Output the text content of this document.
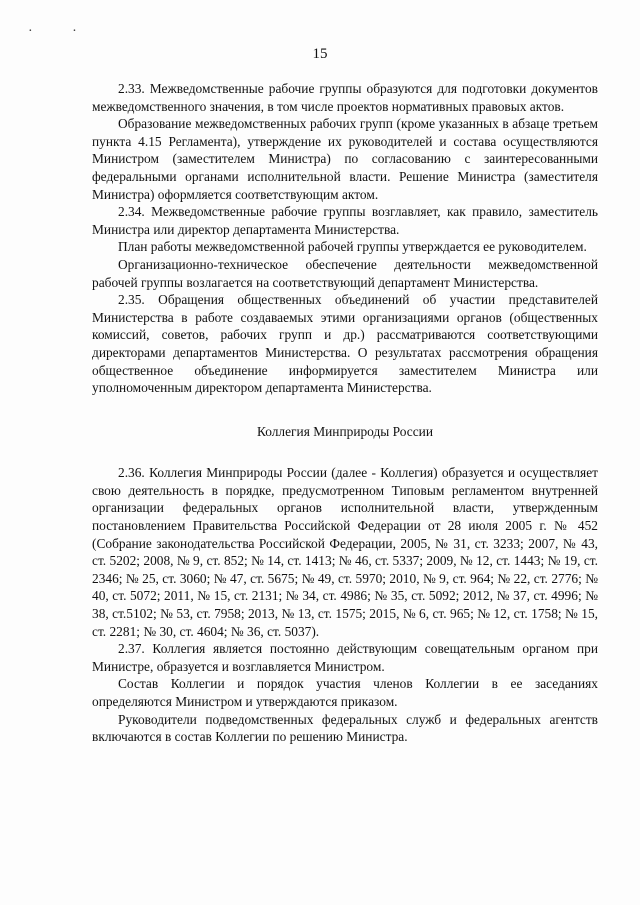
· ·
15

2.33. Межведомственные рабочие группы образуются для подготовки документов межведомственного значения, в том числе проектов нормативных правовых актов.

Образование межведомственных рабочих групп (кроме указанных в абзаце третьем пункта 4.15 Регламента), утверждение их руководителей и состава осуществляются Министром (заместителем Министра) по согласованию с заинтересованными федеральными органами исполнительной власти. Решение Министра (заместителя Министра) оформляется соответствующим актом.

2.34. Межведомственные рабочие группы возглавляет, как правило, заместитель Министра или директор департамента Министерства.

План работы межведомственной рабочей группы утверждается ее руководителем.

Организационно-техническое обеспечение деятельности межведомственной рабочей группы возлагается на соответствующий департамент Министерства.

2.35. Обращения общественных объединений об участии представителей Министерства в работе создаваемых этими организациями органов (общественных комиссий, советов, рабочих групп и др.) рассматриваются соответствующими директорами департаментов Министерства. О результатах рассмотрения обращения общественное объединение информируется заместителем Министра или уполномоченным директором департамента Министерства.

Коллегия Минприроды России

2.36. Коллегия Минприроды России (далее - Коллегия) образуется и осуществляет свою деятельность в порядке, предусмотренном Типовым регламентом внутренней организации федеральных органов исполнительной власти, утвержденным постановлением Правительства Российской Федерации от 28 июля 2005 г. № 452 (Собрание законодательства Российской Федерации, 2005, № 31, ст. 3233; 2007, № 43, ст. 5202; 2008, № 9, ст. 852; № 14, ст. 1413; № 46, ст. 5337; 2009, № 12, ст. 1443; № 19, ст. 2346; № 25, ст. 3060; № 47, ст. 5675; № 49, ст. 5970; 2010, № 9, ст. 964; № 22, ст. 2776; № 40, ст. 5072; 2011, № 15, ст. 2131; № 34, ст. 4986; № 35, ст. 5092; 2012, № 37, ст. 4996; № 38, ст.5102; № 53, ст. 7958; 2013, № 13, ст. 1575; 2015, № 6, ст. 965; № 12, ст. 1758; № 15, ст. 2281; № 30, ст. 4604; № 36, ст. 5037).

2.37. Коллегия является постоянно действующим совещательным органом при Министре, образуется и возглавляется Министром.

Состав Коллегии и порядок участия членов Коллегии в ее заседаниях определяются Министром и утверждаются приказом.

Руководители подведомственных федеральных служб и федеральных агентств включаются в состав Коллегии по решению Министра.
